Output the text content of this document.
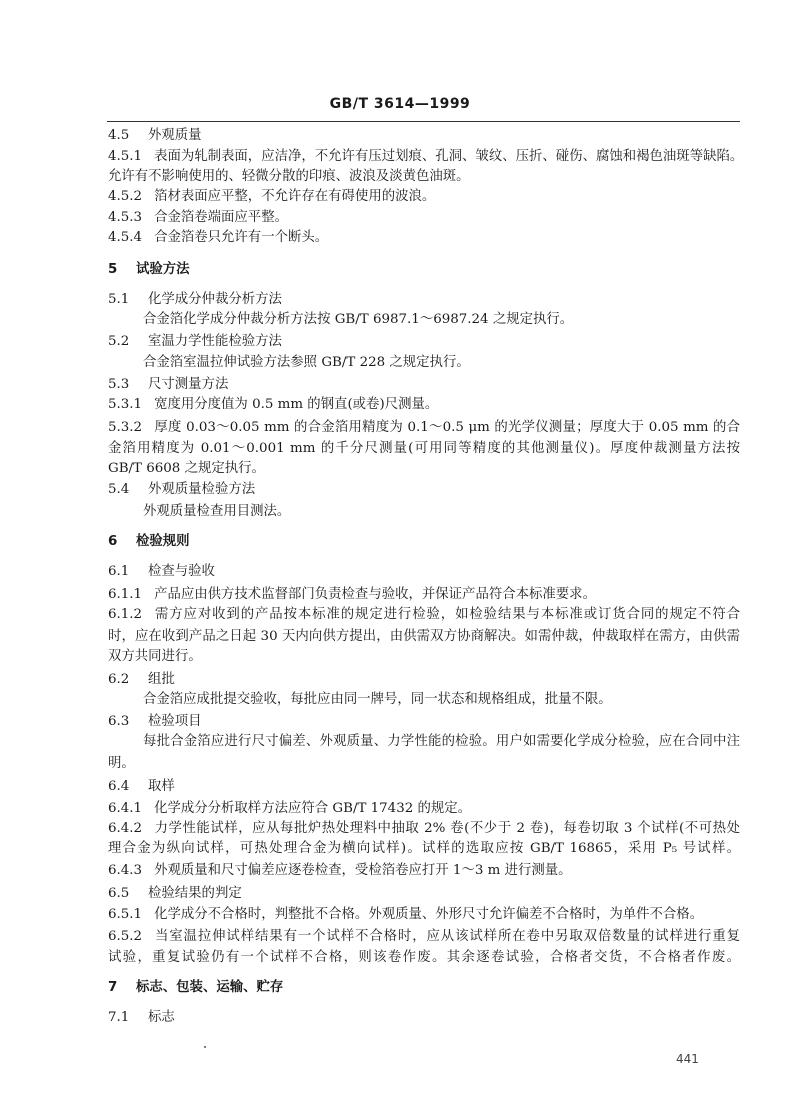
GB/T 3614—1999
4.5 外观质量
4.5.1 表面为轧制表面，应洁净，不允许有压过划痕、孔洞、皱纹、压折、碰伤、腐蚀和褐色油斑等缺陷。
允许有不影响使用的、轻微分散的印痕、波浪及淡黄色油斑。
4.5.2 箔材表面应平整，不允许存在有碍使用的波浪。
4.5.3 合金箔卷端面应平整。
4.5.4 合金箔卷只允许有一个断头。
5 试验方法
5.1 化学成分仲裁分析方法
合金箔化学成分仲裁分析方法按 GB/T 6987.1～6987.24 之规定执行。
5.2 室温力学性能检验方法
合金箔室温拉伸试验方法参照 GB/T 228 之规定执行。
5.3 尺寸测量方法
5.3.1 宽度用分度值为 0.5 mm 的钢直(或卷)尺测量。
5.3.2 厚度 0.03～0.05 mm 的合金箔用精度为 0.1～0.5 μm 的光学仪测量；厚度大于 0.05 mm 的合
金箔用精度为 0.01～0.001 mm 的千分尺测量(可用同等精度的其他测量仪)。厚度仲裁测量方法按
GB/T 6608 之规定执行。
5.4 外观质量检验方法
外观质量检查用目测法。
6 检验规则
6.1 检查与验收
6.1.1 产品应由供方技术监督部门负责检查与验收，并保证产品符合本标准要求。
6.1.2 需方应对收到的产品按本标准的规定进行检验，如检验结果与本标准或订货合同的规定不符合
时，应在收到产品之日起 30 天内向供方提出，由供需双方协商解决。如需仲裁，仲裁取样在需方，由供需
双方共同进行。
6.2 组批
合金箔应成批提交验收，每批应由同一牌号，同一状态和规格组成，批量不限。
6.3 检验项目
每批合金箔应进行尺寸偏差、外观质量、力学性能的检验。用户如需要化学成分检验，应在合同中注
明。
6.4 取样
6.4.1 化学成分分析取样方法应符合 GB/T 17432 的规定。
6.4.2 力学性能试样，应从每批炉热处理料中抽取 2% 卷(不少于 2 卷)，每卷切取 3 个试样(不可热处
理合金为纵向试样，可热处理合金为横向试样)。试样的选取应按 GB/T 16865，采用 P₅ 号试样。
6.4.3 外观质量和尺寸偏差应逐卷检查，受检箔卷应打开 1～3 m 进行测量。
6.5 检验结果的判定
6.5.1 化学成分不合格时，判整批不合格。外观质量、外形尺寸允许偏差不合格时，为单件不合格。
6.5.2 当室温拉伸试样结果有一个试样不合格时，应从该试样所在卷中另取双倍数量的试样进行重复
试验，重复试验仍有一个试样不合格，则该卷作废。其余逐卷试验，合格者交货，不合格者作废。
7 标志、包装、运输、贮存
7.1 标志
441
